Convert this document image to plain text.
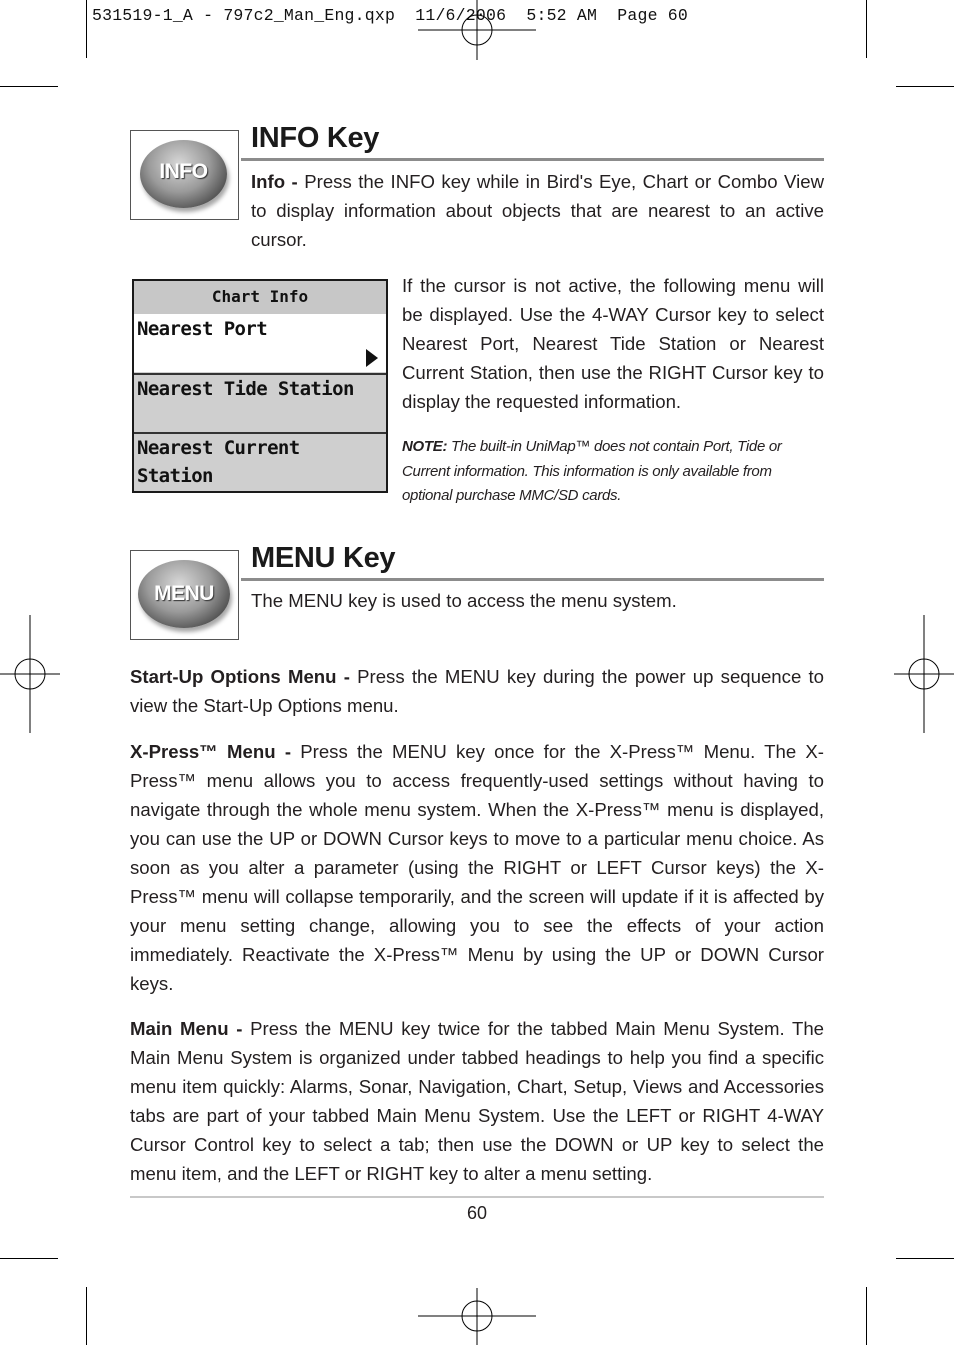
531519-1_A - 797c2_Man_Eng.qxp  11/6/2006  5:52 AM  Page 60
INFO
INFO Key
Info - Press the INFO key while in Bird's Eye, Chart or Combo View to display information about objects that are nearest to an active cursor.
Chart Info
Nearest Port
Nearest Tide Station
Nearest Current Station
If the cursor is not active, the following menu will be displayed. Use the 4-WAY Cursor key to select Nearest Port, Nearest Tide Station or Nearest Current Station, then use the RIGHT Cursor key to display the requested information.
NOTE: The built-in UniMap™ does not contain Port, Tide or Current information. This information is only available from optional purchase MMC/SD cards.
MENU
MENU Key
The MENU key is used to access the menu system.
Start-Up Options Menu - Press the MENU key during the power up sequence to view the Start-Up Options menu.
X-Press™ Menu - Press the MENU key once for the X-Press™ Menu. The X-Press™ menu allows you to access frequently-used settings without having to navigate through the whole menu system. When the X-Press™ menu is displayed, you can use the UP or DOWN Cursor keys to move to a particular menu choice. As soon as you alter a parameter (using the RIGHT or LEFT Cursor keys) the X-Press™ menu will collapse temporarily, and the screen will update if it is affected by your menu setting change, allowing you to see the effects of your action immediately. Reactivate the X-Press™ Menu by using the UP or DOWN Cursor keys.
Main Menu - Press the MENU key twice for the tabbed Main Menu System. The Main Menu System is organized under tabbed headings to help you find a specific menu item quickly: Alarms, Sonar, Navigation, Chart, Setup, Views and Accessories tabs are part of your tabbed Main Menu System. Use the LEFT or RIGHT 4-WAY Cursor Control key to select a tab; then use the DOWN or UP key to select the menu item, and the LEFT or RIGHT key to alter a menu setting.
60
